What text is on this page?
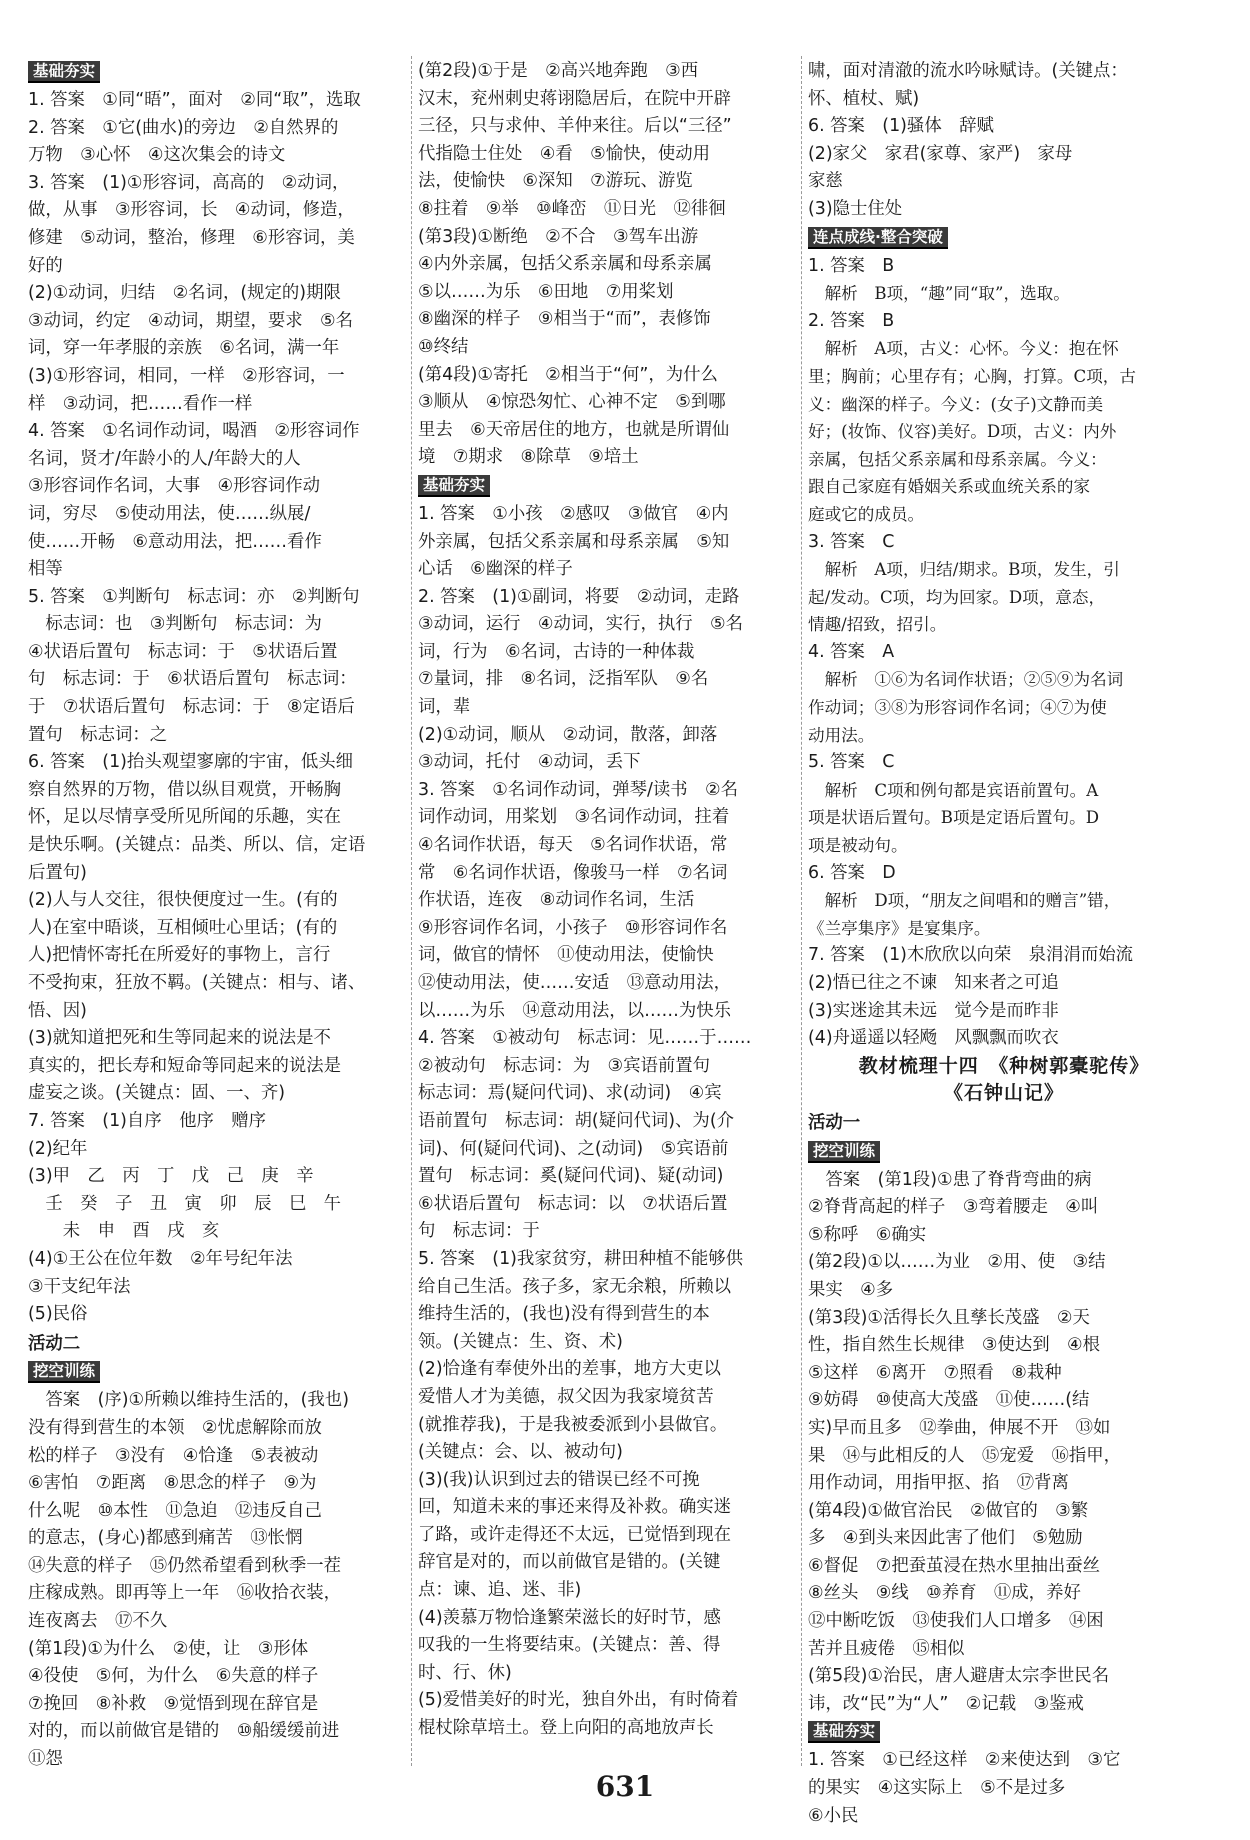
基础夯实

1. 答案　①同“晤”，面对　②同“取”，选取

2. 答案　①它(曲水)的旁边　②自然界的

万物　③心怀　④这次集会的诗文

3. 答案　(1)①形容词，高高的　②动词，

做，从事　③形容词，长　④动词，修造，

修建　⑤动词，整治，修理　⑥形容词，美

好的

(2)①动词，归结　②名词，(规定的)期限

③动词，约定　④动词，期望，要求　⑤名

词，穿一年孝服的亲族　⑥名词，满一年

(3)①形容词，相同，一样　②形容词，一

样　③动词，把……看作一样

4. 答案　①名词作动词，喝酒　②形容词作

名词，贤才/年龄小的人/年龄大的人

③形容词作名词，大事　④形容词作动

词，穷尽　⑤使动用法，使……纵展/

使……开畅　⑥意动用法，把……看作

相等

5. 答案　①判断句　标志词：亦　②判断句

　标志词：也　③判断句　标志词：为

④状语后置句　标志词：于　⑤状语后置

句　标志词：于　⑥状语后置句　标志词：

于　⑦状语后置句　标志词：于　⑧定语后

置句　标志词：之

6. 答案　(1)抬头观望寥廓的宇宙，低头细

察自然界的万物，借以纵目观赏，开畅胸

怀，足以尽情享受所见所闻的乐趣，实在

是快乐啊。(关键点：品类、所以、信，定语

后置句)

(2)人与人交往，很快便度过一生。(有的

人)在室中晤谈，互相倾吐心里话；(有的

人)把情怀寄托在所爱好的事物上，言行

不受拘束，狂放不羁。(关键点：相与、诸、

悟、因)

(3)就知道把死和生等同起来的说法是不

真实的，把长寿和短命等同起来的说法是

虚妄之谈。(关键点：固、一、齐)

7. 答案　(1)自序　他序　赠序

(2)纪年

(3)甲　乙　丙　丁　戊　己　庚　辛

　壬　癸　子　丑　寅　卯　辰　巳　午

　　未　申　酉　戌　亥

(4)①王公在位年数　②年号纪年法

③干支纪年法

(5)民俗

活动二

挖空训练

　答案　(序)①所赖以维持生活的，(我也)

没有得到营生的本领　②忧虑解除而放

松的样子　③没有　④恰逢　⑤表被动

⑥害怕　⑦距离　⑧思念的样子　⑨为

什么呢　⑩本性　⑪急迫　⑫违反自己

的意志，(身心)都感到痛苦　⑬怅惘

⑭失意的样子　⑮仍然希望看到秋季一茬

庄稼成熟。即再等上一年　⑯收拾衣装，

连夜离去　⑰不久

(第1段)①为什么　②使，让　③形体

④役使　⑤何，为什么　⑥失意的样子

⑦挽回　⑧补救　⑨觉悟到现在辞官是

对的，而以前做官是错的　⑩船缓缓前进

⑪怨

(第2段)①于是　②高兴地奔跑　③西

汉末，兖州刺史蒋诩隐居后，在院中开辟

三径，只与求仲、羊仲来往。后以“三径”

代指隐士住处　④看　⑤愉快，使动用

法，使愉快　⑥深知　⑦游玩、游览

⑧拄着　⑨举　⑩峰峦　⑪日光　⑫徘徊

(第3段)①断绝　②不合　③驾车出游

④内外亲属，包括父系亲属和母系亲属

⑤以……为乐　⑥田地　⑦用桨划

⑧幽深的样子　⑨相当于“而”，表修饰

⑩终结

(第4段)①寄托　②相当于“何”，为什么

③顺从　④惊恐匆忙、心神不定　⑤到哪

里去　⑥天帝居住的地方，也就是所谓仙

境　⑦期求　⑧除草　⑨培土

基础夯实

1. 答案　①小孩　②感叹　③做官　④内

外亲属，包括父系亲属和母系亲属　⑤知

心话　⑥幽深的样子

2. 答案　(1)①副词，将要　②动词，走路

③动词，运行　④动词，实行，执行　⑤名

词，行为　⑥名词，古诗的一种体裁

⑦量词，排　⑧名词，泛指军队　⑨名

词，辈

(2)①动词，顺从　②动词，散落，卸落

③动词，托付　④动词，丢下

3. 答案　①名词作动词，弹琴/读书　②名

词作动词，用桨划　③名词作动词，拄着

④名词作状语，每天　⑤名词作状语，常

常　⑥名词作状语，像骏马一样　⑦名词

作状语，连夜　⑧动词作名词，生活

⑨形容词作名词，小孩子　⑩形容词作名

词，做官的情怀　⑪使动用法，使愉快

⑫使动用法，使……安适　⑬意动用法，

以……为乐　⑭意动用法，以……为快乐

4. 答案　①被动句　标志词：见……于……

②被动句　标志词：为　③宾语前置句

标志词：焉(疑问代词)、求(动词)　④宾

语前置句　标志词：胡(疑问代词)、为(介

词)、何(疑问代词)、之(动词)　⑤宾语前

置句　标志词：奚(疑问代词)、疑(动词)

⑥状语后置句　标志词：以　⑦状语后置

句　标志词：于

5. 答案　(1)我家贫穷，耕田种植不能够供

给自己生活。孩子多，家无余粮，所赖以

维持生活的，(我也)没有得到营生的本

领。(关键点：生、资、术)

(2)恰逢有奉使外出的差事，地方大吏以

爱惜人才为美德，叔父因为我家境贫苦

(就推荐我)，于是我被委派到小县做官。

(关键点：会、以、被动句)

(3)(我)认识到过去的错误已经不可挽

回，知道未来的事还来得及补救。确实迷

了路，或许走得还不太远，已觉悟到现在

辞官是对的，而以前做官是错的。(关键

点：谏、追、迷、非)

(4)羡慕万物恰逢繁荣滋长的好时节，感

叹我的一生将要结束。(关键点：善、得

时、行、休)

(5)爱惜美好的时光，独自外出，有时倚着

棍杖除草培土。登上向阳的高地放声长

啸，面对清澈的流水吟咏赋诗。(关键点：

怀、植杖、赋)

6. 答案　(1)骚体　辞赋

(2)家父　家君(家尊、家严)　家母

家慈

(3)隐士住处

连点成线·整合突破

1. 答案　B

　解析　B项，“趣”同“取”，选取。

2. 答案　B

　解析　A项，古义：心怀。今义：抱在怀

里；胸前；心里存有；心胸，打算。C项，古

义：幽深的样子。今义：(女子)文静而美

好；(妆饰、仪容)美好。D项，古义：内外

亲属，包括父系亲属和母系亲属。今义：

跟自己家庭有婚姻关系或血统关系的家

庭或它的成员。

3. 答案　C

　解析　A项，归结/期求。B项，发生，引

起/发动。C项，均为回家。D项，意态，

情趣/招致，招引。

4. 答案　A

　解析　①⑥为名词作状语；②⑤⑨为名词

作动词；③⑧为形容词作名词；④⑦为使

动用法。

5. 答案　C

　解析　C项和例句都是宾语前置句。A

项是状语后置句。B项是定语后置句。D

项是被动句。

6. 答案　D

　解析　D项，“朋友之间唱和的赠言”错，

《兰亭集序》是宴集序。

7. 答案　(1)木欣欣以向荣　泉涓涓而始流

(2)悟已往之不谏　知来者之可追

(3)实迷途其未远　觉今是而昨非

(4)舟遥遥以轻飏　风飘飘而吹衣

教材梳理十四　《种树郭橐驼传》

《石钟山记》

活动一

挖空训练

　答案　(第1段)①患了脊背弯曲的病

②脊背高起的样子　③弯着腰走　④叫

⑤称呼　⑥确实

(第2段)①以……为业　②用、使　③结

果实　④多

(第3段)①活得长久且孳长茂盛　②天

性，指自然生长规律　③使达到　④根

⑤这样　⑥离开　⑦照看　⑧栽种

⑨妨碍　⑩使高大茂盛　⑪使……(结

实)早而且多　⑫拳曲，伸展不开　⑬如

果　⑭与此相反的人　⑮宠爱　⑯指甲，

用作动词，用指甲抠、掐　⑰背离

(第4段)①做官治民　②做官的　③繁

多　④到头来因此害了他们　⑤勉励

⑥督促　⑦把蚕茧浸在热水里抽出蚕丝

⑧丝头　⑨线　⑩养育　⑪成，养好

⑫中断吃饭　⑬使我们人口增多　⑭困

苦并且疲倦　⑮相似

(第5段)①治民，唐人避唐太宗李世民名

讳，改“民”为“人”　②记载　③鉴戒

基础夯实

1. 答案　①已经这样　②来使达到　③它

的果实　④这实际上　⑤不是过多

⑥小民

631
